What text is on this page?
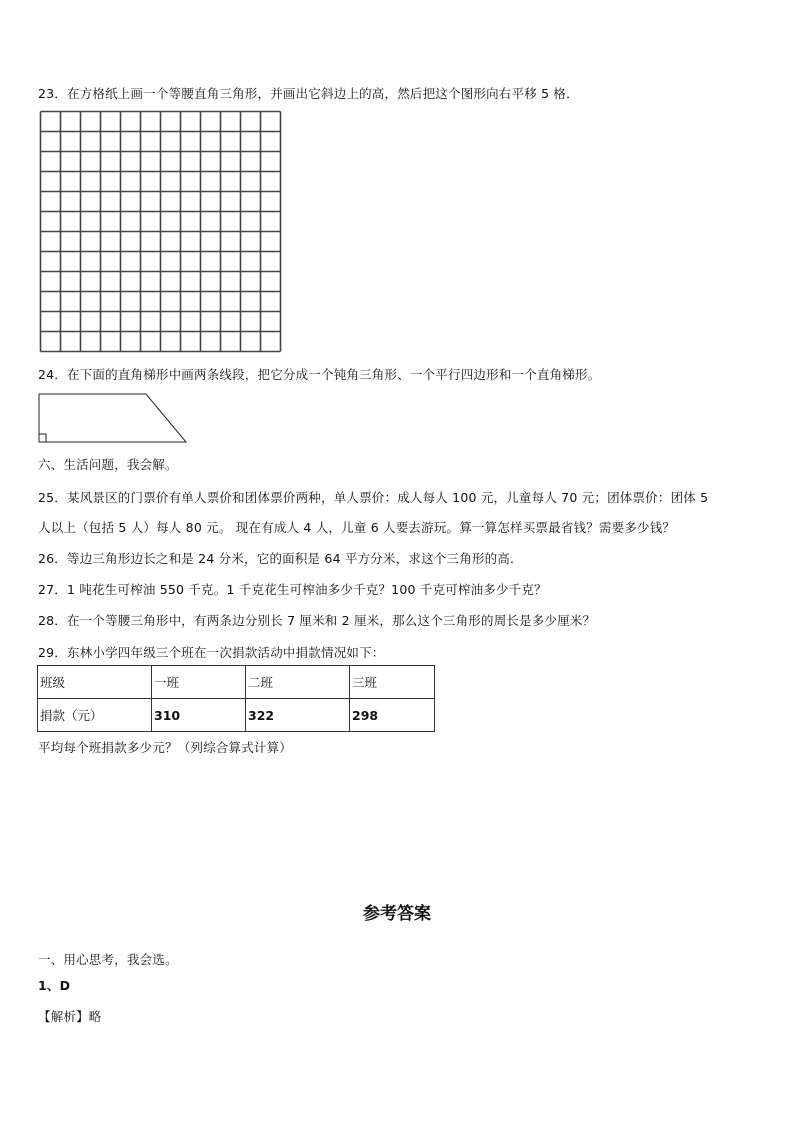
23．在方格纸上画一个等腰直角三角形，并画出它斜边上的高，然后把这个图形向右平移 5 格．
24．在下面的直角梯形中画两条线段，把它分成一个钝角三角形、一个平行四边形和一个直角梯形。
六、生活问题，我会解。
25．某风景区的门票价有单人票价和团体票价两种，单人票价：成人每人 100 元，儿童每人 70 元；团体票价：团体 5
人以上（包括 5 人）每人 80 元。 现在有成人 4 人，儿童 6 人要去游玩。算一算怎样买票最省钱？需要多少钱？
26．等边三角形边长之和是 24 分米，它的面积是 64 平方分米，求这个三角形的高．
27．1 吨花生可榨油 550 千克。1 千克花生可榨油多少千克？100 千克可榨油多少千克？
28．在一个等腰三角形中，有两条边分别长 7 厘米和 2 厘米，那么这个三角形的周长是多少厘米？
29．东林小学四年级三个班在一次捐款活动中捐款情况如下：
班级	一班	二班	三班
捐款（元）	310	322	298
平均每个班捐款多少元？（列综合算式计算）
参考答案
一、用心思考，我会选。
1、D
【解析】略
